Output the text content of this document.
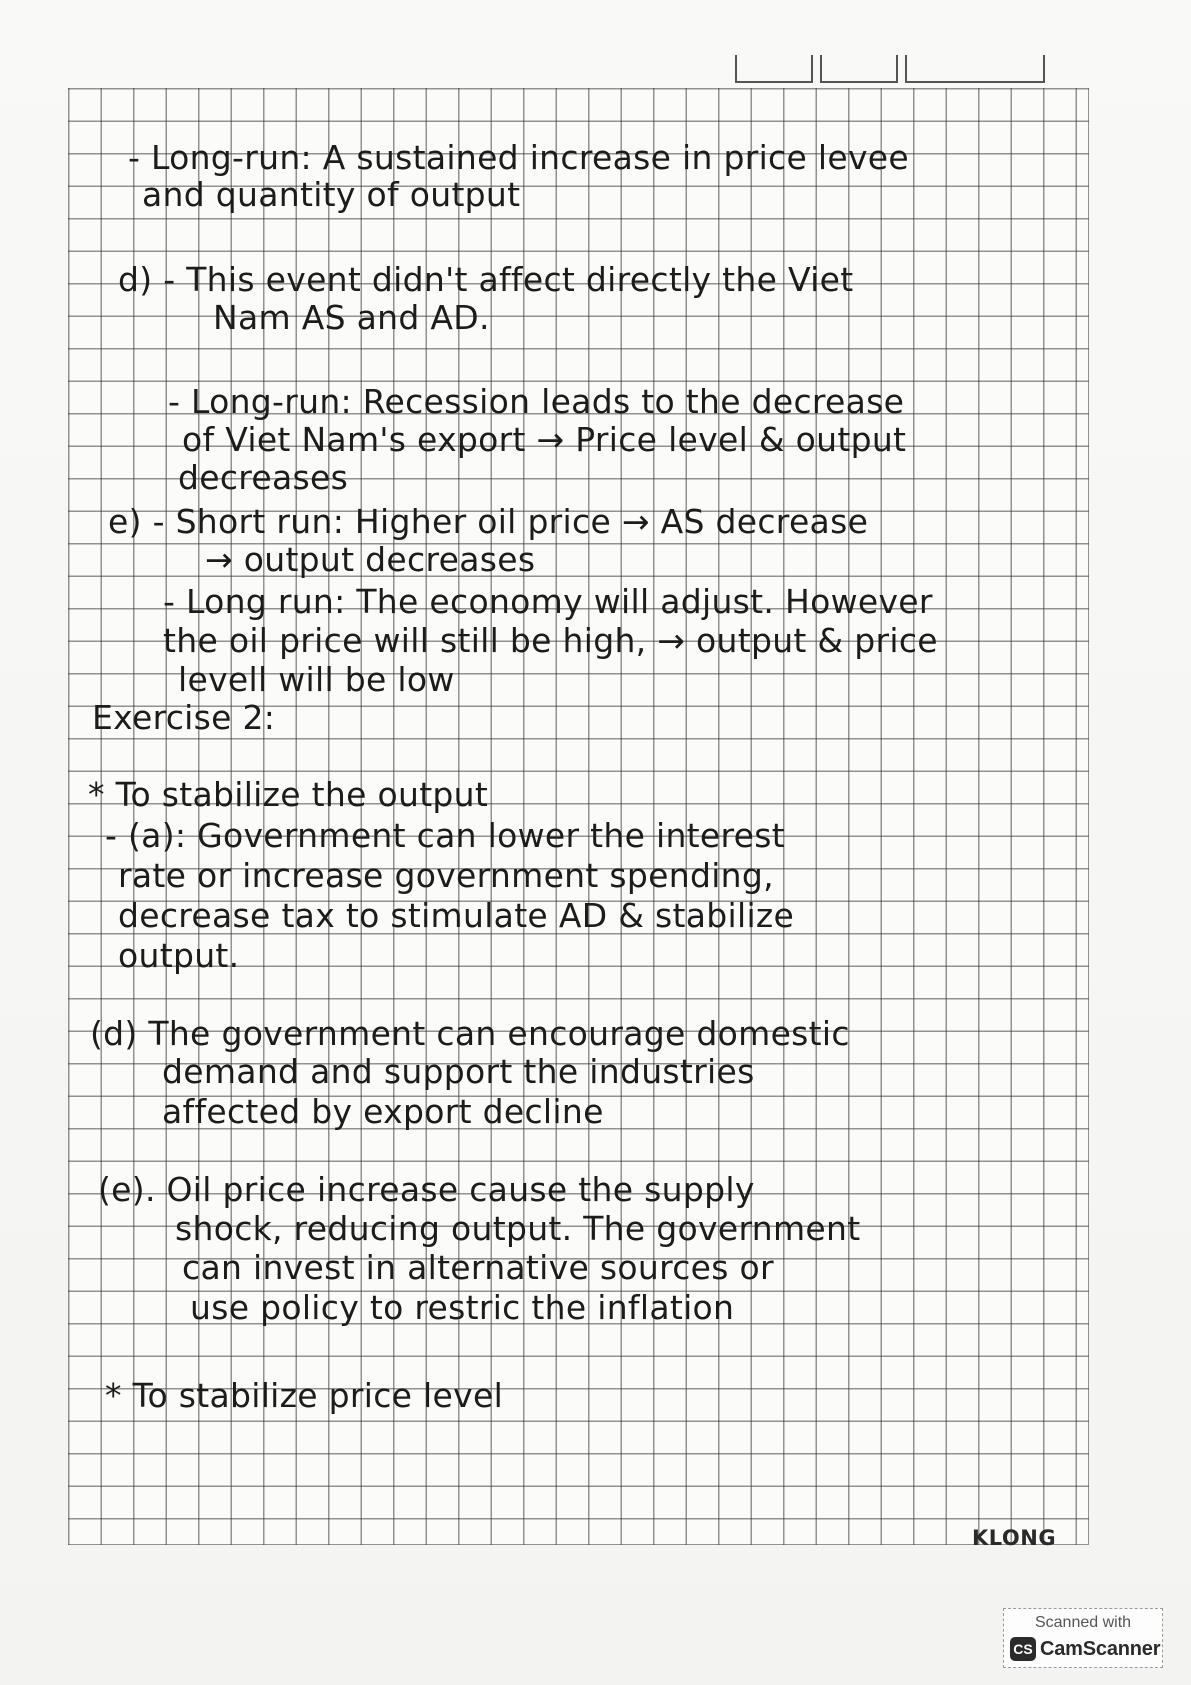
- Long-run: A sustained increase in price levee

and quantity of output

d) - This event didn't affect directly the Viet

Nam AS and AD.

- Long-run: Recession leads to the decrease

of Viet Nam's export → Price level & output

decreases

e) - Short run: Higher oil price → AS decrease

→ output decreases

- Long run: The economy will adjust. However

the oil price will still be high, → output & price

levell will be low

Exercise 2:

* To stabilize the output

- (a): Government can lower the interest

rate or increase government spending,

decrease tax to stimulate AD & stabilize

output.

(d) The government can encourage domestic

demand and support the industries

affected by export decline

(e). Oil price increase cause the supply

shock, reducing output. The government

can invest in alternative sources or

use policy to restric the inflation

* To stabilize price level

KLONG
Scanned with
CS CamScanner
